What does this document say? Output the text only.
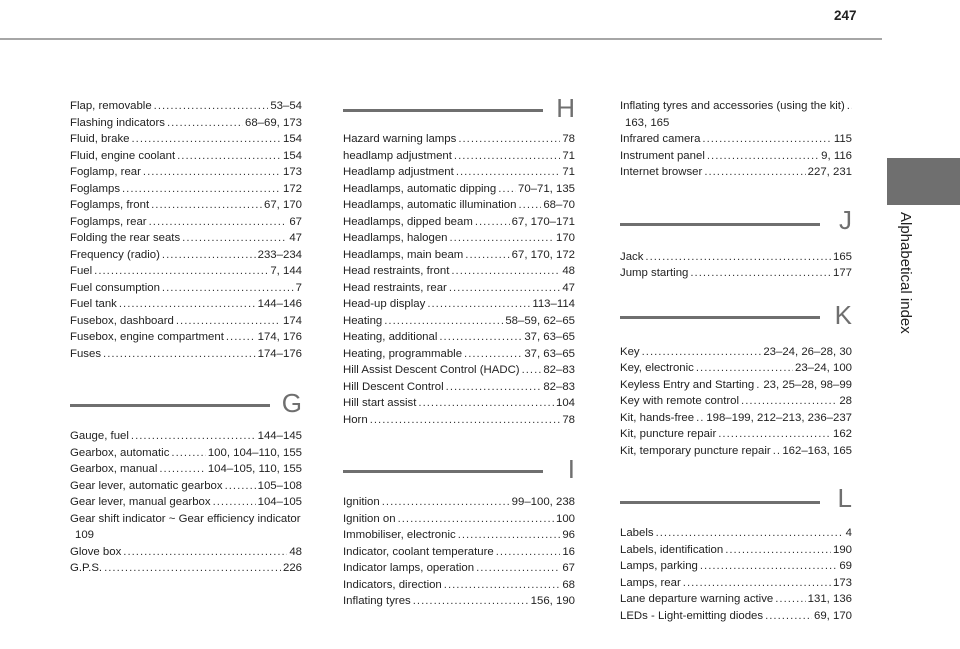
247
Alphabetical index
Flap, removable .....	53–54
Flashing indicators .....	68–69, 173
Fluid, brake .....	154
Fluid, engine coolant .....	154
Foglamp, rear .....	173
Foglamps .....	172
Foglamps, front .....	67, 170
Foglamps, rear .....	67
Folding the rear seats .....	47
Frequency (radio) .....	233–234
Fuel .....	7, 144
Fuel consumption .....	7
Fuel tank .....	144–146
Fusebox, dashboard .....	174
Fusebox, engine compartment .....	174, 176
Fuses .....	174–176
G
Gauge, fuel .....	144–145
Gearbox, automatic .....	100, 104–110, 155
Gearbox, manual .....	104–105, 110, 155
Gear lever, automatic gearbox .....	105–108
Gear lever, manual gearbox .....	104–105
Gear shift indicator ~ Gear efficiency indicator
109
Glove box .....	48
G.P.S. .....	226
H
Hazard warning lamps .....	78
headlamp adjustment .....	71
Headlamp adjustment .....	71
Headlamps, automatic dipping ..... 70–71, 135
Headlamps, automatic illumination ..... 68–70
Headlamps, dipped beam .....	67, 170–171
Headlamps, halogen .....	170
Headlamps, main beam .....	67, 170, 172
Head restraints, front .....	48
Head restraints, rear .....	47
Head-up display .....	113–114
Heating .....	58–59, 62–65
Heating, additional .....	37, 63–65
Heating, programmable .....	37, 63–65
Hill Assist Descent Control (HADC) ..... 82–83
Hill Descent Control .....	82–83
Hill start assist .....	104
Horn .....	78
I
Ignition .....	99–100, 238
Ignition on .....	100
Immobiliser, electronic .....	96
Indicator, coolant temperature .....	16
Indicator lamps, operation .....	67
Indicators, direction .....	68
Inflating tyres .....	156, 190
Inflating tyres and accessories (using the kit)
.....
163, 165
Infrared camera .....	115
Instrument panel .....	9, 116
Internet browser .....	227, 231
J
Jack .....	165
Jump starting .....	177
K
Key .....	23–24, 26–28, 30
Key, electronic .....	23–24, 100
Keyless Entry and Starting ..... 23, 25–28, 98–99
Key with remote control .....	28
Kit, hands-free ..... 198–199, 212–213, 236–237
Kit, puncture repair .....	162
Kit, temporary puncture repair ..... 162–163, 165
L
Labels .....	4
Labels, identification .....	190
Lamps, parking .....	69
Lamps, rear .....	173
Lane departure warning active .....	131, 136
LEDs - Light-emitting diodes .....	69, 170
